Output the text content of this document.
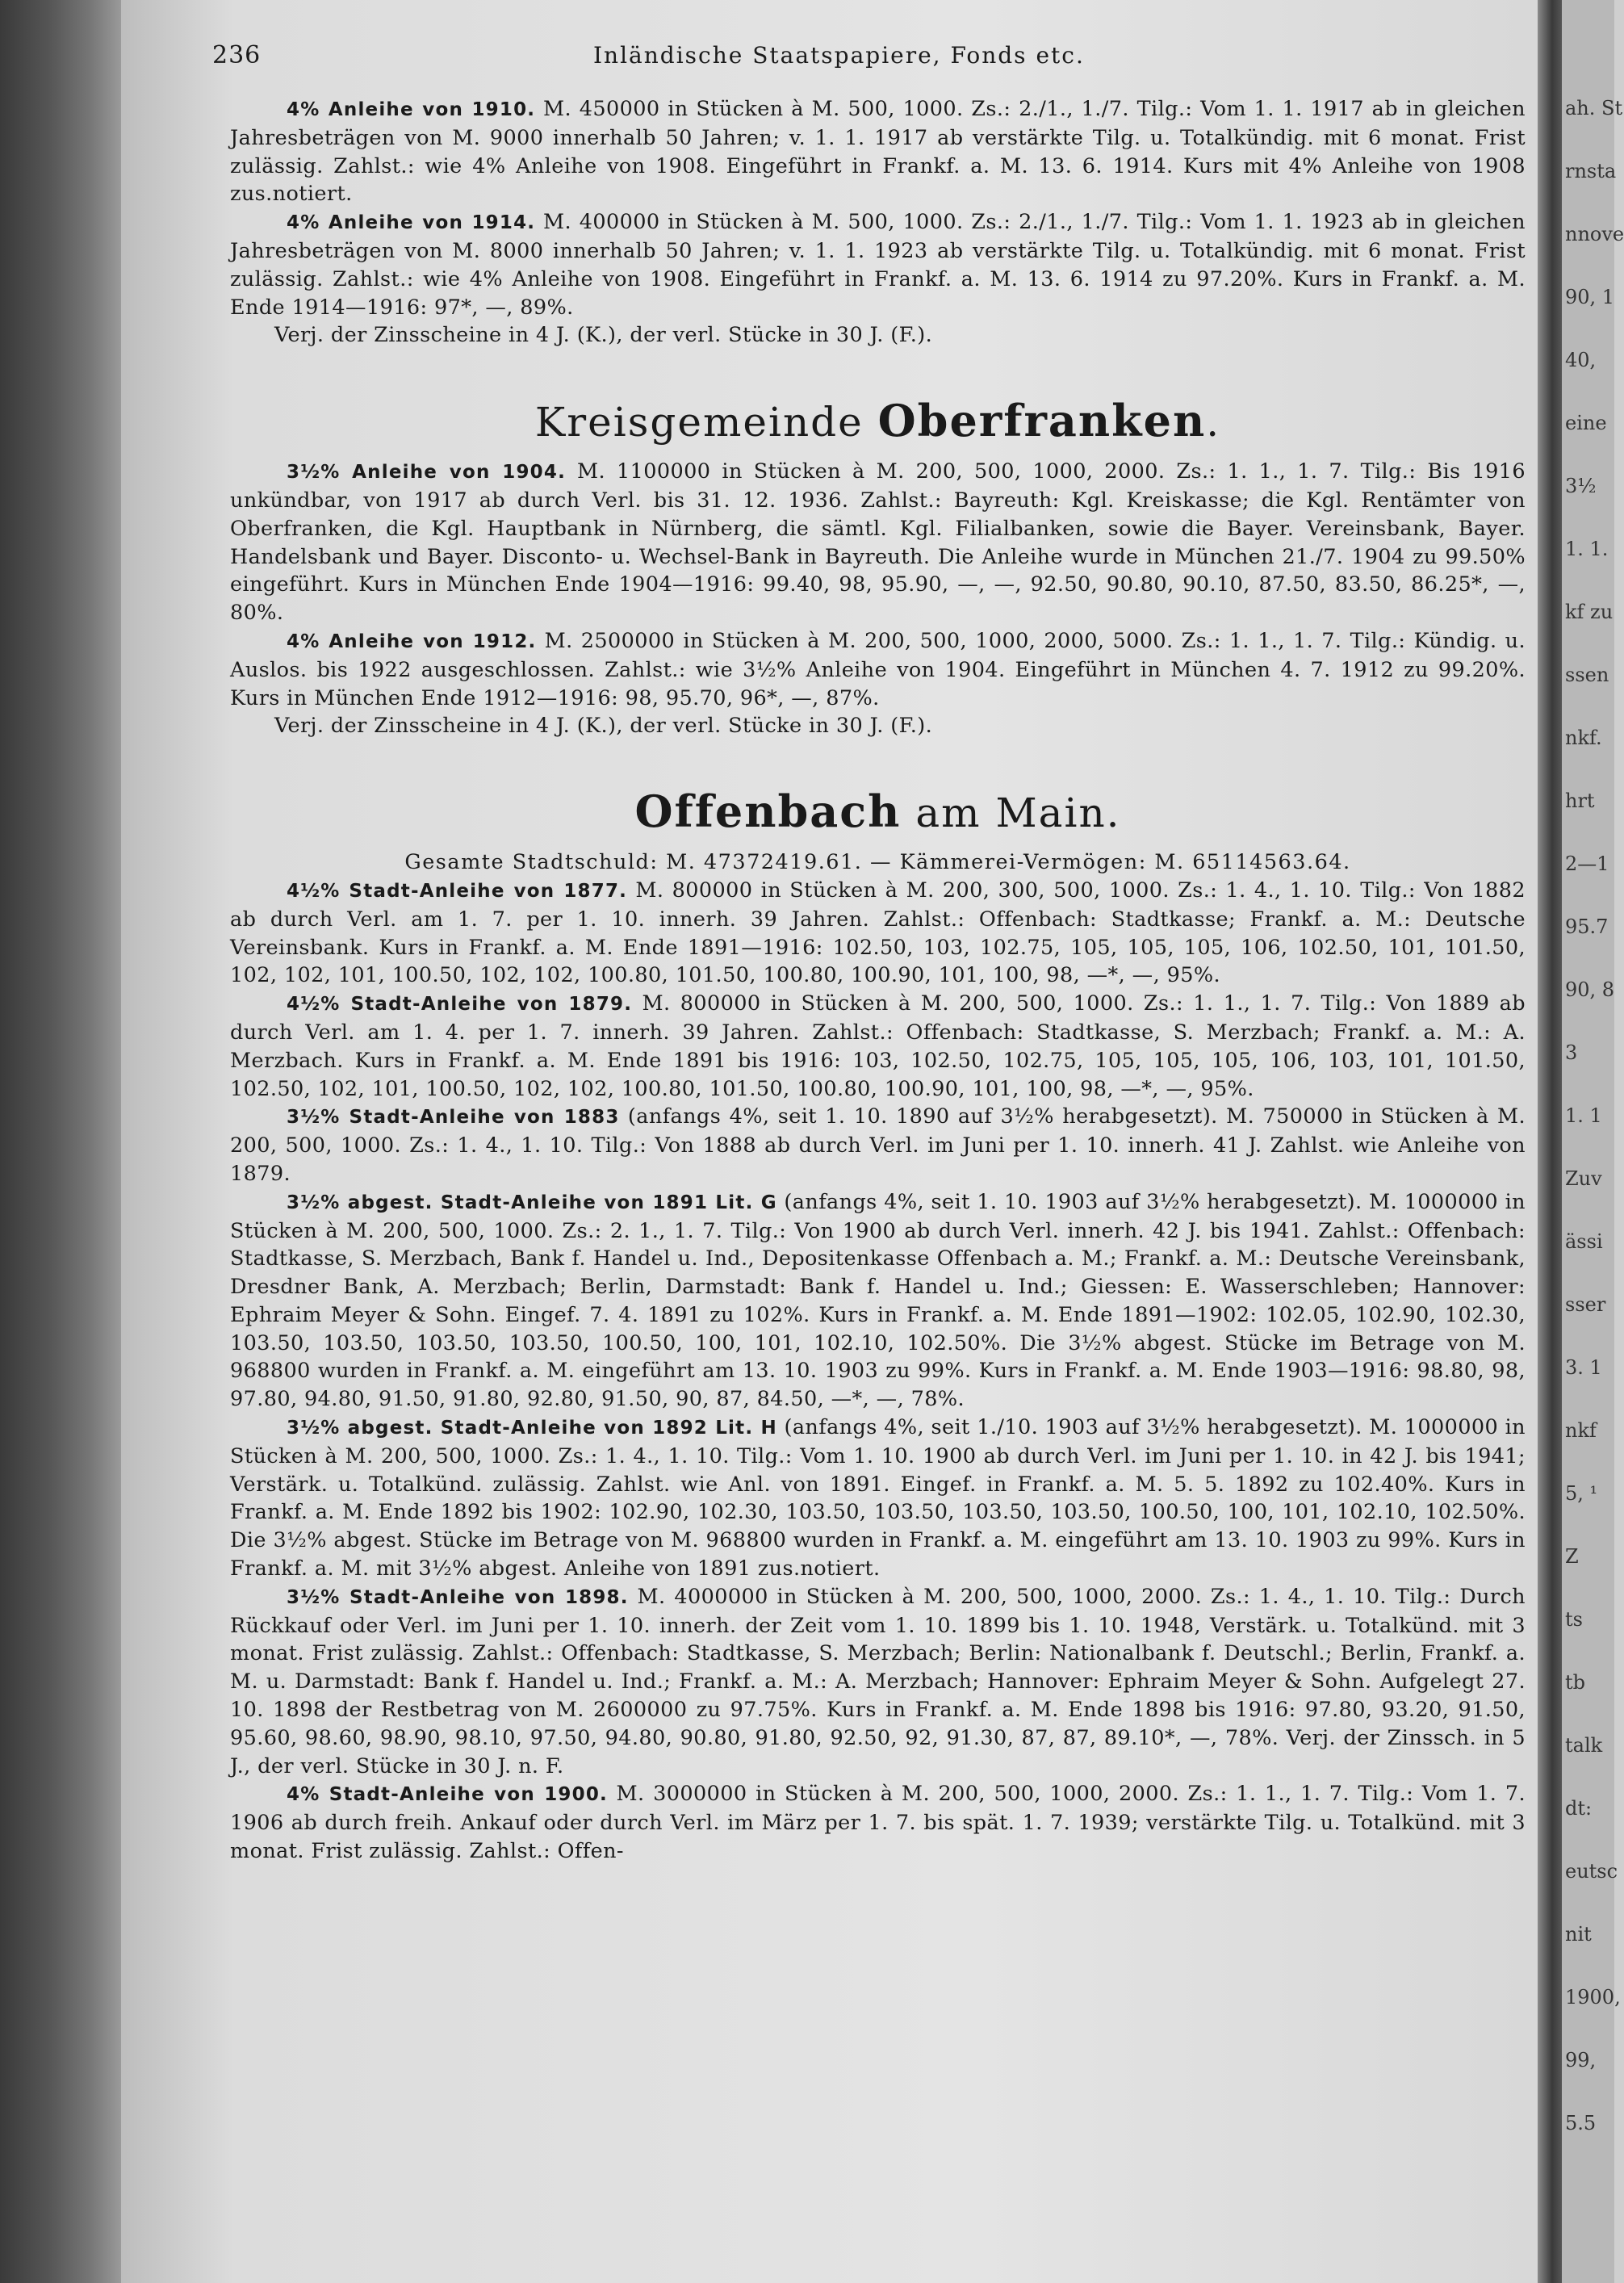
ah. St
rnsta
nnove
90, 1
40,
eine
3½
1. 1.
kf zu
ssen
nkf.
hrt
2—1
95.7
90, 8
3
1. 1
Zuv
ässi
sser
3. 1
nkf
5, ¹
Z
ts
tb
talk
dt:
eutsc
nit
1900,
99,
5.5
236	Inländische Staatspapiere, Fonds etc.

4% Anleihe von 1910. M. 450000 in Stücken à M. 500, 1000. Zs.: 2./1., 1./7. Tilg.: Vom 1. 1. 1917 ab in gleichen Jahresbeträgen von M. 9000 innerhalb 50 Jahren; v. 1. 1. 1917 ab verstärkte Tilg. u. Totalkündig. mit 6 monat. Frist zulässig. Zahlst.: wie 4% Anleihe von 1908. Eingeführt in Frankf. a. M. 13. 6. 1914. Kurs mit 4% Anleihe von 1908 zus.notiert.

4% Anleihe von 1914. M. 400000 in Stücken à M. 500, 1000. Zs.: 2./1., 1./7. Tilg.: Vom 1. 1. 1923 ab in gleichen Jahresbeträgen von M. 8000 innerhalb 50 Jahren; v. 1. 1. 1923 ab verstärkte Tilg. u. Totalkündig. mit 6 monat. Frist zulässig. Zahlst.: wie 4% Anleihe von 1908. Eingeführt in Frankf. a. M. 13. 6. 1914 zu 97.20%. Kurs in Frankf. a. M. Ende 1914—1916: 97*, —, 89%.

Verj. der Zinsscheine in 4 J. (K.), der verl. Stücke in 30 J. (F.).

Kreisgemeinde Oberfranken.

3½% Anleihe von 1904. M. 1100000 in Stücken à M. 200, 500, 1000, 2000. Zs.: 1. 1., 1. 7. Tilg.: Bis 1916 unkündbar, von 1917 ab durch Verl. bis 31. 12. 1936. Zahlst.: Bayreuth: Kgl. Kreiskasse; die Kgl. Rentämter von Oberfranken, die Kgl. Hauptbank in Nürnberg, die sämtl. Kgl. Filialbanken, sowie die Bayer. Vereinsbank, Bayer. Handelsbank und Bayer. Disconto- u. Wechsel-Bank in Bayreuth. Die Anleihe wurde in München 21./7. 1904 zu 99.50% eingeführt. Kurs in München Ende 1904—1916: 99.40, 98, 95.90, —, —, 92.50, 90.80, 90.10, 87.50, 83.50, 86.25*, —, 80%.

4% Anleihe von 1912. M. 2500000 in Stücken à M. 200, 500, 1000, 2000, 5000. Zs.: 1. 1., 1. 7. Tilg.: Kündig. u. Auslos. bis 1922 ausgeschlossen. Zahlst.: wie 3½% Anleihe von 1904. Eingeführt in München 4. 7. 1912 zu 99.20%. Kurs in München Ende 1912—1916: 98, 95.70, 96*, —, 87%.

Verj. der Zinsscheine in 4 J. (K.), der verl. Stücke in 30 J. (F.).

Offenbach am Main.

Gesamte Stadtschuld: M. 47372419.61. — Kämmerei-Vermögen: M. 65114563.64.

4½% Stadt-Anleihe von 1877. M. 800000 in Stücken à M. 200, 300, 500, 1000. Zs.: 1. 4., 1. 10. Tilg.: Von 1882 ab durch Verl. am 1. 7. per 1. 10. innerh. 39 Jahren. Zahlst.: Offenbach: Stadtkasse; Frankf. a. M.: Deutsche Vereinsbank. Kurs in Frankf. a. M. Ende 1891—1916: 102.50, 103, 102.75, 105, 105, 105, 106, 102.50, 101, 101.50, 102, 102, 101, 100.50, 102, 102, 100.80, 101.50, 100.80, 100.90, 101, 100, 98, —*, —, 95%.

4½% Stadt-Anleihe von 1879. M. 800000 in Stücken à M. 200, 500, 1000. Zs.: 1. 1., 1. 7. Tilg.: Von 1889 ab durch Verl. am 1. 4. per 1. 7. innerh. 39 Jahren. Zahlst.: Offenbach: Stadtkasse, S. Merzbach; Frankf. a. M.: A. Merzbach. Kurs in Frankf. a. M. Ende 1891 bis 1916: 103, 102.50, 102.75, 105, 105, 105, 106, 103, 101, 101.50, 102.50, 102, 101, 100.50, 102, 102, 100.80, 101.50, 100.80, 100.90, 101, 100, 98, —*, —, 95%.

3½% Stadt-Anleihe von 1883 (anfangs 4%, seit 1. 10. 1890 auf 3½% herabgesetzt). M. 750000 in Stücken à M. 200, 500, 1000. Zs.: 1. 4., 1. 10. Tilg.: Von 1888 ab durch Verl. im Juni per 1. 10. innerh. 41 J. Zahlst. wie Anleihe von 1879.

3½% abgest. Stadt-Anleihe von 1891 Lit. G (anfangs 4%, seit 1. 10. 1903 auf 3½% herabgesetzt). M. 1000000 in Stücken à M. 200, 500, 1000. Zs.: 2. 1., 1. 7. Tilg.: Von 1900 ab durch Verl. innerh. 42 J. bis 1941. Zahlst.: Offenbach: Stadtkasse, S. Merzbach, Bank f. Handel u. Ind., Depositenkasse Offenbach a. M.; Frankf. a. M.: Deutsche Vereinsbank, Dresdner Bank, A. Merzbach; Berlin, Darmstadt: Bank f. Handel u. Ind.; Giessen: E. Wasserschleben; Hannover: Ephraim Meyer & Sohn. Eingef. 7. 4. 1891 zu 102%. Kurs in Frankf. a. M. Ende 1891—1902: 102.05, 102.90, 102.30, 103.50, 103.50, 103.50, 103.50, 100.50, 100, 101, 102.10, 102.50%. Die 3½% abgest. Stücke im Betrage von M. 968800 wurden in Frankf. a. M. eingeführt am 13. 10. 1903 zu 99%. Kurs in Frankf. a. M. Ende 1903—1916: 98.80, 98, 97.80, 94.80, 91.50, 91.80, 92.80, 91.50, 90, 87, 84.50, —*, —, 78%.

3½% abgest. Stadt-Anleihe von 1892 Lit. H (anfangs 4%, seit 1./10. 1903 auf 3½% herabgesetzt). M. 1000000 in Stücken à M. 200, 500, 1000. Zs.: 1. 4., 1. 10. Tilg.: Vom 1. 10. 1900 ab durch Verl. im Juni per 1. 10. in 42 J. bis 1941; Verstärk. u. Totalkünd. zulässig. Zahlst. wie Anl. von 1891. Eingef. in Frankf. a. M. 5. 5. 1892 zu 102.40%. Kurs in Frankf. a. M. Ende 1892 bis 1902: 102.90, 102.30, 103.50, 103.50, 103.50, 103.50, 100.50, 100, 101, 102.10, 102.50%. Die 3½% abgest. Stücke im Betrage von M. 968800 wurden in Frankf. a. M. eingeführt am 13. 10. 1903 zu 99%. Kurs in Frankf. a. M. mit 3½% abgest. Anleihe von 1891 zus.notiert.

3½% Stadt-Anleihe von 1898. M. 4000000 in Stücken à M. 200, 500, 1000, 2000. Zs.: 1. 4., 1. 10. Tilg.: Durch Rückkauf oder Verl. im Juni per 1. 10. innerh. der Zeit vom 1. 10. 1899 bis 1. 10. 1948, Verstärk. u. Totalkünd. mit 3 monat. Frist zulässig. Zahlst.: Offenbach: Stadtkasse, S. Merzbach; Berlin: Nationalbank f. Deutschl.; Berlin, Frankf. a. M. u. Darmstadt: Bank f. Handel u. Ind.; Frankf. a. M.: A. Merzbach; Hannover: Ephraim Meyer & Sohn. Aufgelegt 27. 10. 1898 der Restbetrag von M. 2600000 zu 97.75%. Kurs in Frankf. a. M. Ende 1898 bis 1916: 97.80, 93.20, 91.50, 95.60, 98.60, 98.90, 98.10, 97.50, 94.80, 90.80, 91.80, 92.50, 92, 91.30, 87, 87, 89.10*, —, 78%. Verj. der Zinssch. in 5 J., der verl. Stücke in 30 J. n. F.

4% Stadt-Anleihe von 1900. M. 3000000 in Stücken à M. 200, 500, 1000, 2000. Zs.: 1. 1., 1. 7. Tilg.: Vom 1. 7. 1906 ab durch freih. Ankauf oder durch Verl. im März per 1. 7. bis spät. 1. 7. 1939; verstärkte Tilg. u. Totalkünd. mit 3 monat. Frist zulässig. Zahlst.: Offen-
